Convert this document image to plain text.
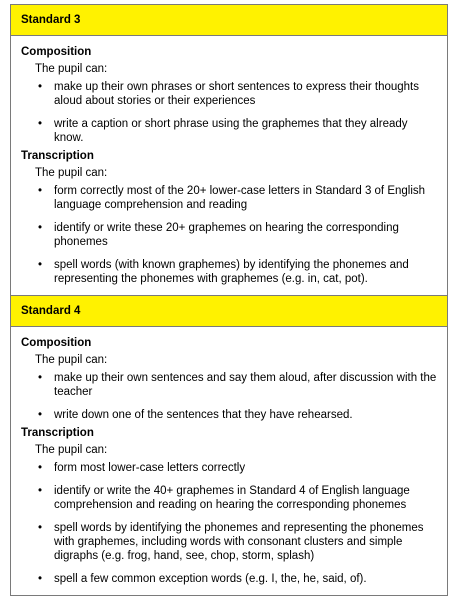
Standard 3
Composition
The pupil can:
• make up their own phrases or short sentences to express their thoughts aloud about stories or their experiences
• write a caption or short phrase using the graphemes that they already know.
Transcription
The pupil can:
• form correctly most of the 20+ lower-case letters in Standard 3 of English language comprehension and reading
• identify or write these 20+ graphemes on hearing the corresponding phonemes
• spell words (with known graphemes) by identifying the phonemes and representing the phonemes with graphemes (e.g. in, cat, pot).
Standard 4
Composition
The pupil can:
• make up their own sentences and say them aloud, after discussion with the teacher
• write down one of the sentences that they have rehearsed.
Transcription
The pupil can:
• form most lower-case letters correctly
• identify or write the 40+ graphemes in Standard 4 of English language comprehension and reading on hearing the corresponding phonemes
• spell words by identifying the phonemes and representing the phonemes with graphemes, including words with consonant clusters and simple digraphs (e.g. frog, hand, see, chop, storm, splash)
• spell a few common exception words (e.g. I, the, he, said, of).
